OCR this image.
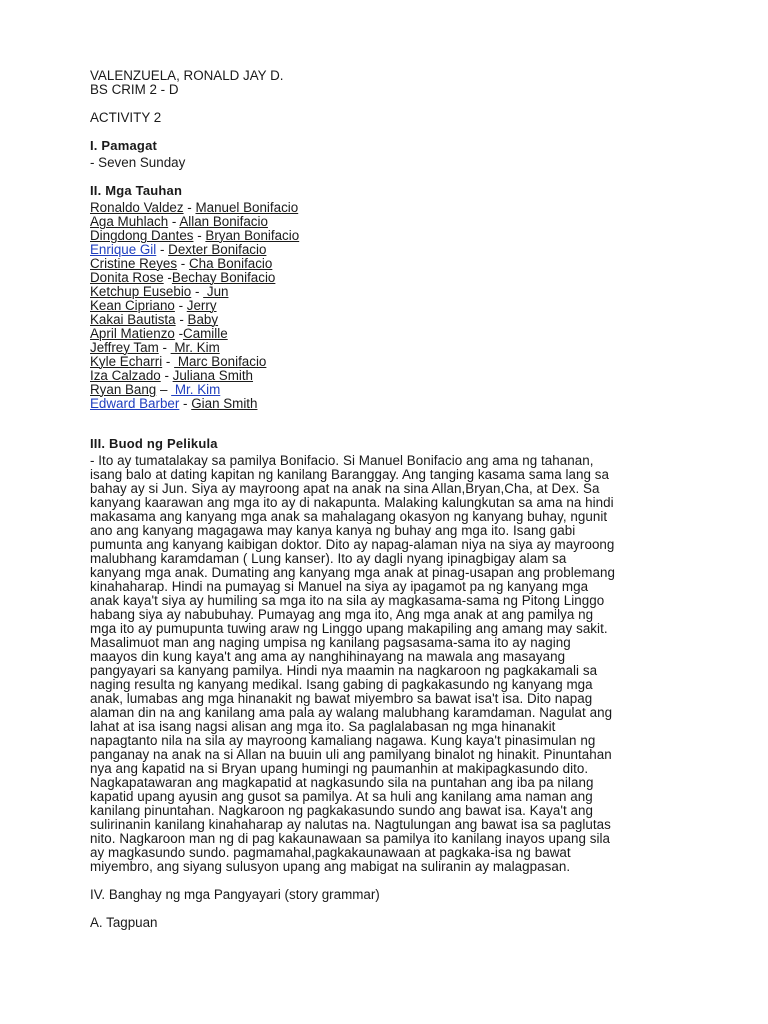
VALENZUELA, RONALD JAY D.
BS CRIM 2 - D
ACTIVITY 2
I. Pamagat
- Seven Sunday
II. Mga Tauhan
Ronaldo Valdez - Manuel Bonifacio
Aga Muhlach - Allan Bonifacio
Dingdong Dantes - Bryan Bonifacio
Enrique Gil - Dexter Bonifacio
Cristine Reyes - Cha Bonifacio
Donita Rose -Bechay Bonifacio
Ketchup Eusebio -  Jun
Kean Cipriano - Jerry
Kakai Bautista - Baby
April Matienzo -Camille
Jeffrey Tam -  Mr. Kim
Kyle Echarri -  Marc Bonifacio
Iza Calzado - Juliana Smith
Ryan Bang –  Mr. Kim
Edward Barber - Gian Smith
III. Buod ng Pelikula
- Ito ay tumatalakay sa pamilya Bonifacio. Si Manuel Bonifacio ang ama ng tahanan,
isang balo at dating kapitan ng kanilang Baranggay. Ang tanging kasama sama lang sa
bahay ay si Jun. Siya ay mayroong apat na anak na sina Allan,Bryan,Cha, at Dex. Sa
kanyang kaarawan ang mga ito ay di nakapunta. Malaking kalungkutan sa ama na hindi
makasama ang kanyang mga anak sa mahalagang okasyon ng kanyang buhay, ngunit
ano ang kanyang magagawa may kanya kanya ng buhay ang mga ito. Isang gabi
pumunta ang kanyang kaibigan doktor. Dito ay napag-alaman niya na siya ay mayroong
malubhang karamdaman ( Lung kanser). Ito ay dagli nyang ipinagbigay alam sa
kanyang mga anak. Dumating ang kanyang mga anak at pinag-usapan ang problemang
kinahaharap. Hindi na pumayag si Manuel na siya ay ipagamot pa ng kanyang mga
anak kaya't siya ay humiling sa mga ito na sila ay magkasama-sama ng Pitong Linggo
habang siya ay nabubuhay. Pumayag ang mga ito, Ang mga anak at ang pamilya ng
mga ito ay pumupunta tuwing araw ng Linggo upang makapiling ang amang may sakit.
Masalimuot man ang naging umpisa ng kanilang pagsasama-sama ito ay naging
maayos din kung kaya't ang ama ay nanghihinayang na mawala ang masayang
pangyayari sa kanyang pamilya. Hindi nya maamin na nagkaroon ng pagkakamali sa
naging resulta ng kanyang medikal. Isang gabing di pagkakasundo ng kanyang mga
anak, lumabas ang mga hinanakit ng bawat miyembro sa bawat isa't isa. Dito napag
alaman din na ang kanilang ama pala ay walang malubhang karamdaman. Nagulat ang
lahat at isa isang nagsi alisan ang mga ito. Sa paglalabasan ng mga hinanakit
napagtanto nila na sila ay mayroong kamaliang nagawa. Kung kaya't pinasimulan ng
panganay na anak na si Allan na buuin uli ang pamilyang binalot ng hinakit. Pinuntahan
nya ang kapatid na si Bryan upang humingi ng paumanhin at makipagkasundo dito.
Nagkapatawaran ang magkapatid at nagkasundo sila na puntahan ang iba pa nilang
kapatid upang ayusin ang gusot sa pamilya. At sa huli ang kanilang ama naman ang
kanilang pinuntahan. Nagkaroon ng pagkakasundo sundo ang bawat isa. Kaya't ang
sulirinanin kanilang kinahaharap ay nalutas na. Nagtulungan ang bawat isa sa paglutas
nito. Nagkaroon man ng di pag kakaunawaan sa pamilya ito kanilang inayos upang sila
ay magkasundo sundo. pagmamahal,pagkakaunawaan at pagkaka-isa ng bawat
miyembro, ang siyang sulusyon upang ang mabigat na suliranin ay malagpasan.
IV. Banghay ng mga Pangyayari (story grammar)
A. Tagpuan
